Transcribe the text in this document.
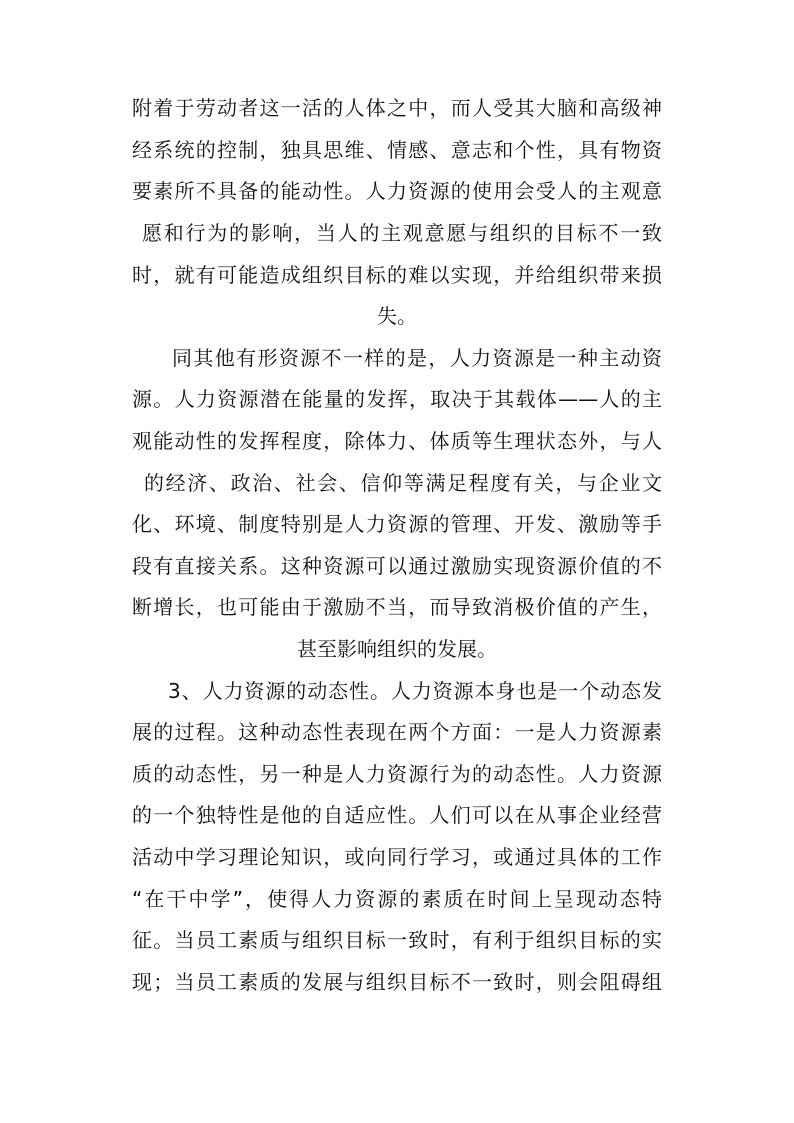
附着于劳动者这一活的人体之中，而人受其大脑和高级神
经系统的控制，独具思维、情感、意志和个性，具有物资
要素所不具备的能动性。人力资源的使用会受人的主观意
愿和行为的影响，当人的主观意愿与组织的目标不一致
时，就有可能造成组织目标的难以实现，并给组织带来损
失。
同其他有形资源不一样的是，人力资源是一种主动资
源。人力资源潜在能量的发挥，取决于其载体——人的主
观能动性的发挥程度，除体力、体质等生理状态外，与人
的经济、政治、社会、信仰等满足程度有关，与企业文
化、环境、制度特别是人力资源的管理、开发、激励等手
段有直接关系。这种资源可以通过激励实现资源价值的不
断增长，也可能由于激励不当，而导致消极价值的产生，
甚至影响组织的发展。
3、人力资源的动态性。人力资源本身也是一个动态发
展的过程。这种动态性表现在两个方面：一是人力资源素
质的动态性，另一种是人力资源行为的动态性。人力资源
的一个独特性是他的自适应性。人们可以在从事企业经营
活动中学习理论知识，或向同行学习，或通过具体的工作
“在干中学”，使得人力资源的素质在时间上呈现动态特
征。当员工素质与组织目标一致时，有利于组织目标的实
现；当员工素质的发展与组织目标不一致时，则会阻碍组
